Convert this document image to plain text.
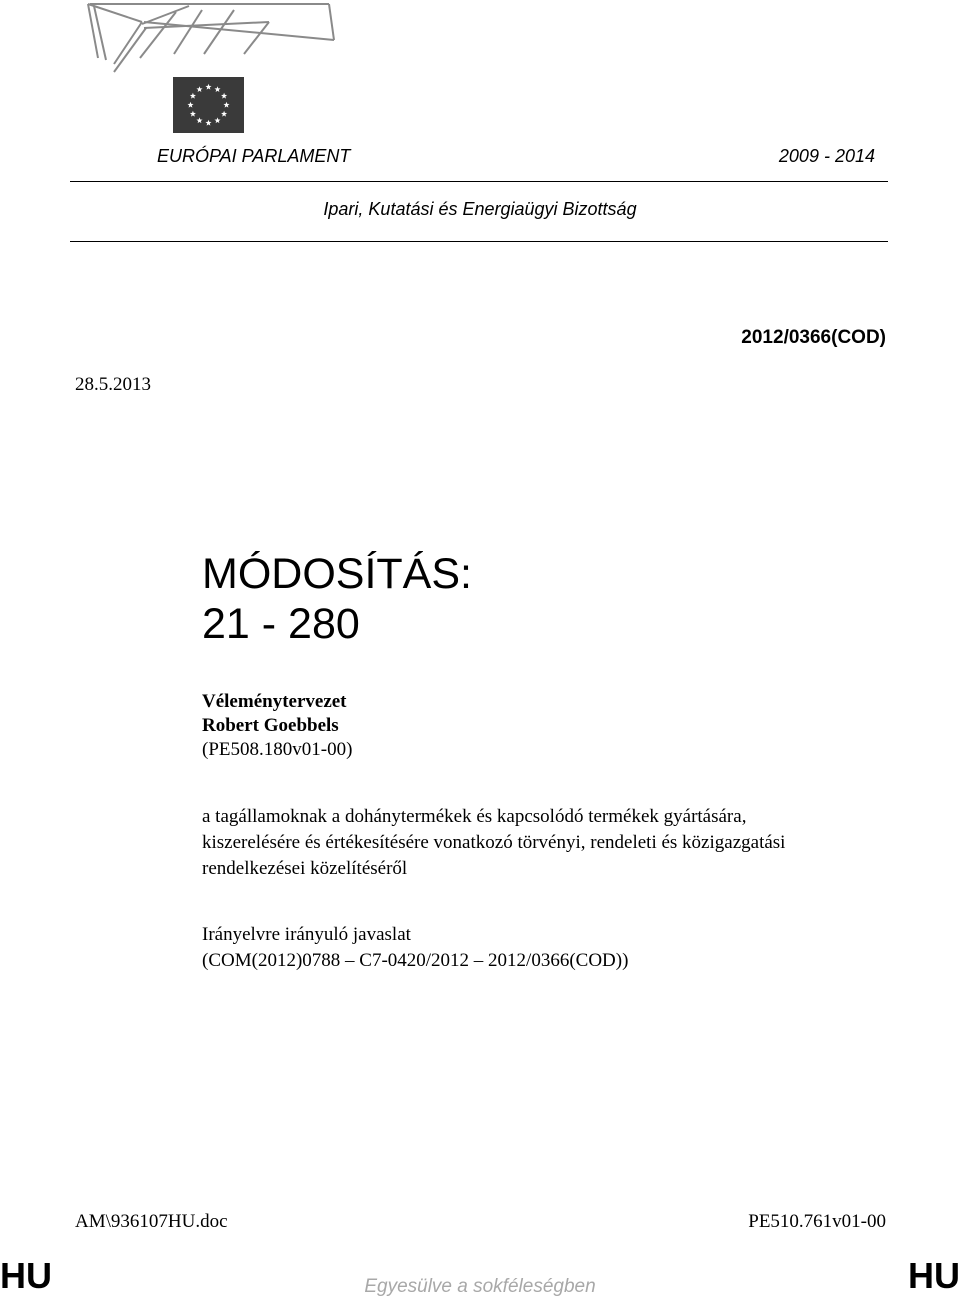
EURÓPAI PARLAMENT	2009 - 2014
Ipari, Kutatási és Energiaügyi Bizottság
2012/0366(COD)
28.5.2013
MÓDOSÍTÁS:
21 - 280
Véleménytervezet
Robert Goebbels
(PE508.180v01-00)
a tagállamoknak a dohánytermékek és kapcsolódó termékek gyártására,
kiszerelésére és értékesítésére vonatkozó törvényi, rendeleti és közigazgatási
rendelkezései közelítéséről
Irányelvre irányuló javaslat
(COM(2012)0788 – C7-0420/2012 – 2012/0366(COD))
AM\936107HU.doc	PE510.761v01-00
HU	Egyesülve a sokféleségben	HU
